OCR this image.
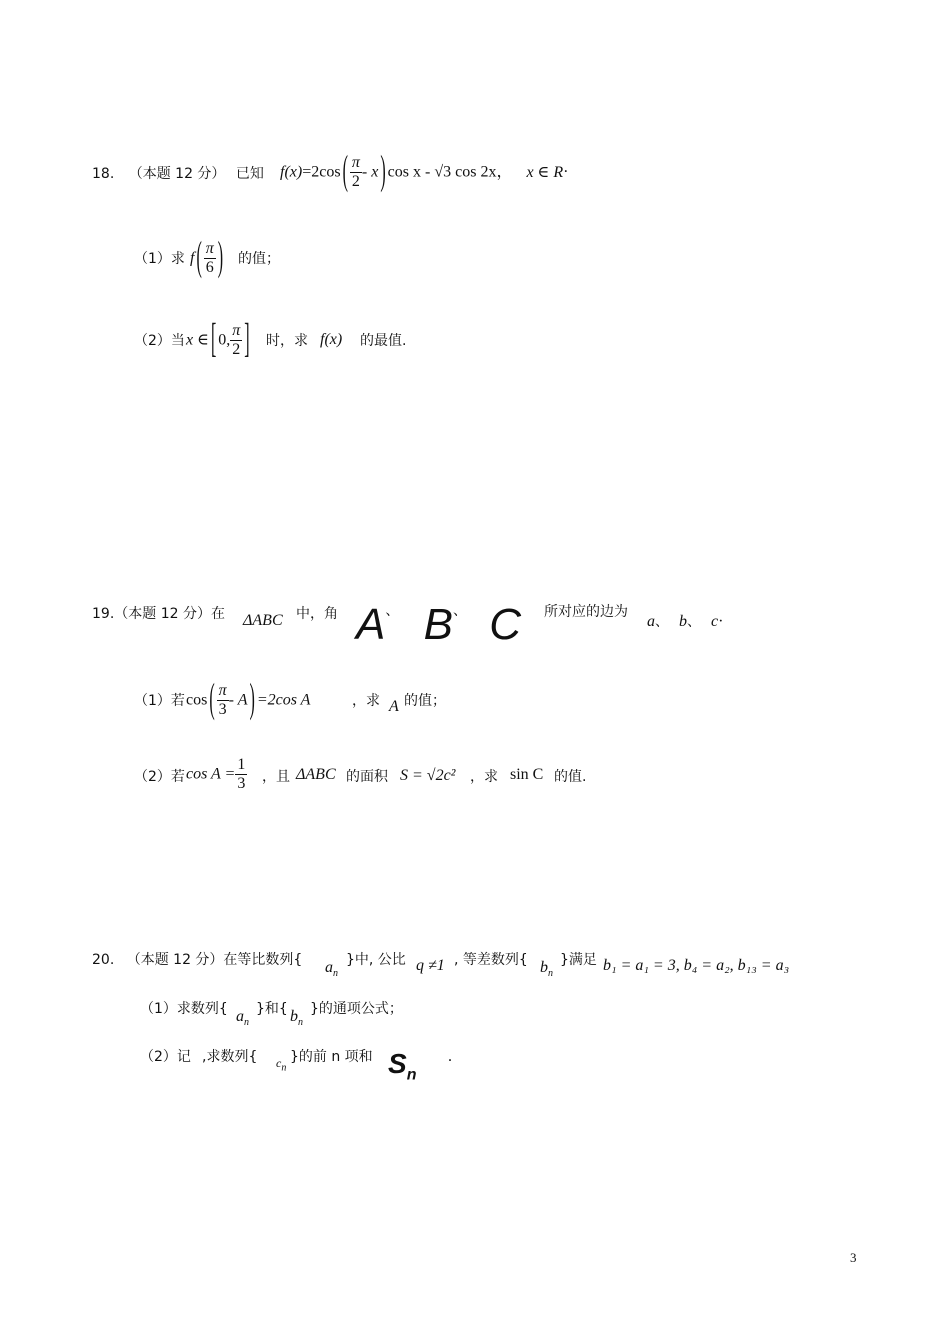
18. （本题 12 分） 已知 f(x)=2cos ( $\frac{\pi}{2}$ - x ) cos x - √3 cos 2x， x ∈ R·
（1）求 f ( $\frac{\pi}{6}$ ) 的值；
（2）当 x ∈ [ 0, $\frac{\pi}{2}$ ] 时，求 f(x) 的最值.
19.（本题 12 分）在 ΔABC 中，角 A、 B、 C 所对应的边为
a、 b、 c·
（1）若 cos ( $\frac{\pi}{3}$ - A ) =2cos A	，求 A 的值；
（2）若 $\cos A = \frac{1}{3}$ ，且 ΔABC 的面积 S = √2c² ，求 sin C 的值.
20. （本题 12 分）在等比数列{ $a_n$
}中, 公比 q ≠1 , 等差数列{ $b_n$
}满足 b₁ = a₁ = 3, b₄ = a₂, b₁₃ = a₃
（1）求数列{ $a_n$
}和{ $b_n$
}的通项公式；
（2）记 ,求数列{ $c_n$
}的前 n 项和 $S_n$
.
3
